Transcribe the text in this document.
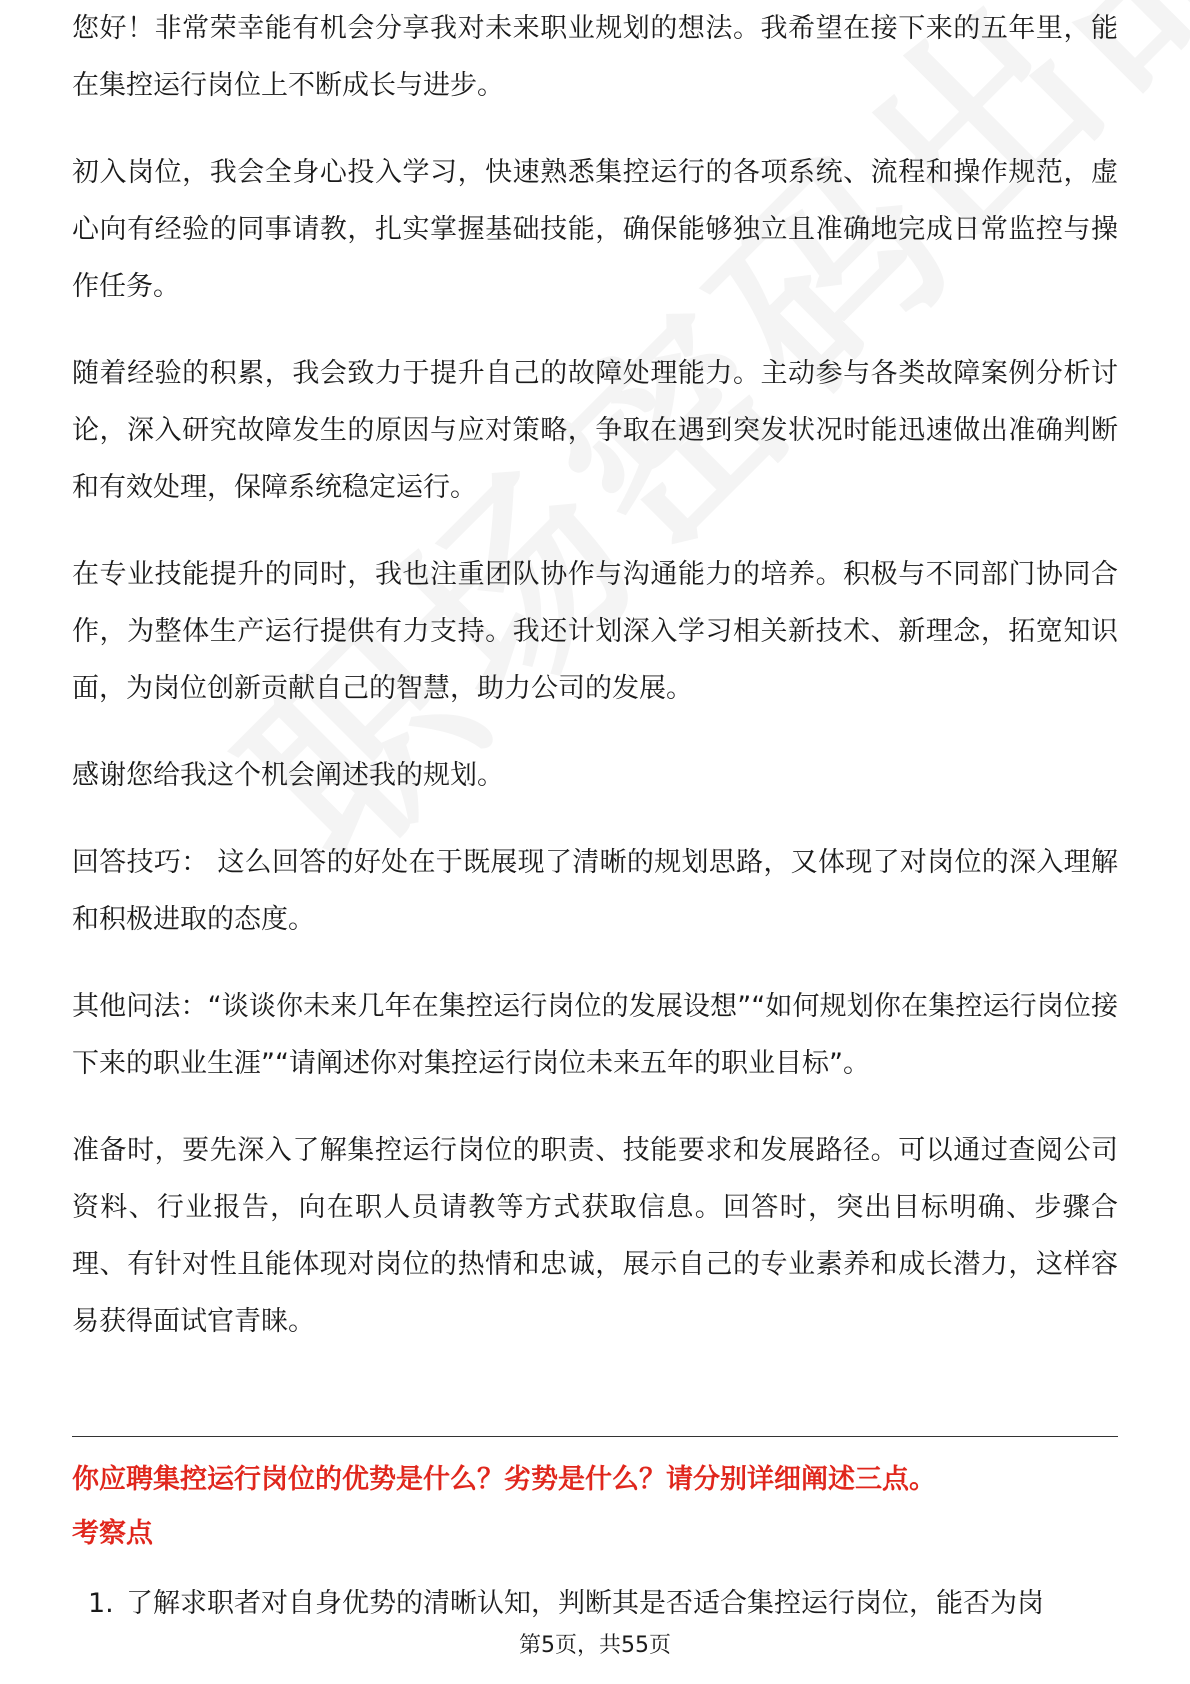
您好！非常荣幸能有机会分享我对未来职业规划的想法。我希望在接下来的五年里，能在集控运行岗位上不断成长与进步。

初入岗位，我会全身心投入学习，快速熟悉集控运行的各项系统、流程和操作规范，虚心向有经验的同事请教，扎实掌握基础技能，确保能够独立且准确地完成日常监控与操作任务。

随着经验的积累，我会致力于提升自己的故障处理能力。主动参与各类故障案例分析讨论，深入研究故障发生的原因与应对策略，争取在遇到突发状况时能迅速做出准确判断和有效处理，保障系统稳定运行。

在专业技能提升的同时，我也注重团队协作与沟通能力的培养。积极与不同部门协同合作，为整体生产运行提供有力支持。我还计划深入学习相关新技术、新理念，拓宽知识面，为岗位创新贡献自己的智慧，助力公司的发展。

感谢您给我这个机会阐述我的规划。

回答技巧： 这么回答的好处在于既展现了清晰的规划思路，又体现了对岗位的深入理解和积极进取的态度。

其他问法：“谈谈你未来几年在集控运行岗位的发展设想”“如何规划你在集控运行岗位接下来的职业生涯”“请阐述你对集控运行岗位未来五年的职业目标”。

准备时，要先深入了解集控运行岗位的职责、技能要求和发展路径。可以通过查阅公司资料、行业报告，向在职人员请教等方式获取信息。回答时，突出目标明确、步骤合理、有针对性且能体现对岗位的热情和忠诚，展示自己的专业素养和成长潜力，这样容易获得面试官青睐。

你应聘集控运行岗位的优势是什么？劣势是什么？请分别详细阐述三点。
考察点
1. 了解求职者对自身优势的清晰认知，判断其是否适合集控运行岗位，能否为岗
第5页，共55页
